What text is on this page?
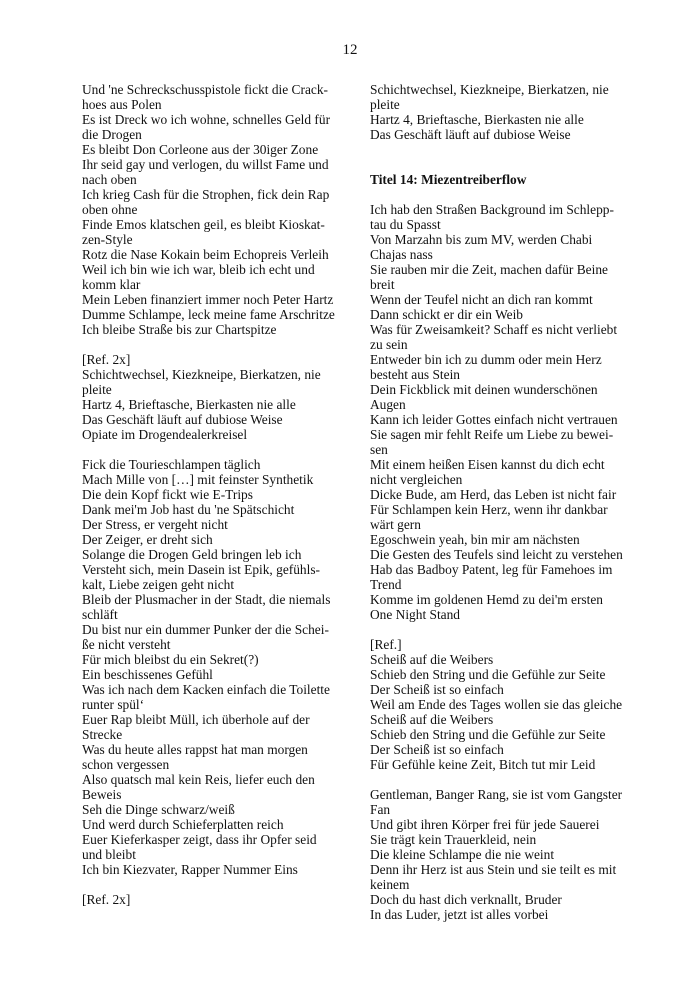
12
Und 'ne Schreckschusspistole fickt die Crack-
hoes aus Polen
Es ist Dreck wo ich wohne, schnelles Geld für
die Drogen
Es bleibt Don Corleone aus der 30iger Zone
Ihr seid gay und verlogen, du willst Fame und
nach oben
Ich krieg Cash für die Strophen, fick dein Rap
oben ohne
Finde Emos klatschen geil, es bleibt Kioskat-
zen-Style
Rotz die Nase Kokain beim Echopreis Verleih
Weil ich bin wie ich war, bleib ich echt und
komm klar
Mein Leben finanziert immer noch Peter Hartz
Dumme Schlampe, leck meine fame Arschritze
Ich bleibe Straße bis zur Chartspitze
[Ref. 2x]
Schichtwechsel, Kiezkneipe, Bierkatzen, nie
pleite
Hartz 4, Brieftasche, Bierkasten nie alle
Das Geschäft läuft auf dubiose Weise
Opiate im Drogendealerkreisel
Fick die Tourieschlampen täglich
Mach Mille von […] mit feinster Synthetik
Die dein Kopf fickt wie E-Trips
Dank mei'm Job hast du 'ne Spätschicht
Der Stress, er vergeht nicht
Der Zeiger, er dreht sich
Solange die Drogen Geld bringen leb ich
Versteht sich, mein Dasein ist Epik, gefühls-
kalt, Liebe zeigen geht nicht
Bleib der Plusmacher in der Stadt, die niemals
schläft
Du bist nur ein dummer Punker der die Schei-
ße nicht versteht
Für mich bleibst du ein Sekret(?)
Ein beschissenes Gefühl
Was ich nach dem Kacken einfach die Toilette
runter spül‘
Euer Rap bleibt Müll, ich überhole auf der
Strecke
Was du heute alles rappst hat man morgen
schon vergessen
Also quatsch mal kein Reis, liefer euch den
Beweis
Seh die Dinge schwarz/weiß
Und werd durch Schieferplatten reich
Euer Kieferkasper zeigt, dass ihr Opfer seid
und bleibt
Ich bin Kiezvater, Rapper Nummer Eins
[Ref. 2x]
Schichtwechsel, Kiezkneipe, Bierkatzen, nie
pleite
Hartz 4, Brieftasche, Bierkasten nie alle
Das Geschäft läuft auf dubiose Weise
Titel 14: Miezentreiberflow
Ich hab den Straßen Background im Schlepp-
tau du Spasst
Von Marzahn bis zum MV, werden Chabi
Chajas nass
Sie rauben mir die Zeit, machen dafür Beine
breit
Wenn der Teufel nicht an dich ran kommt
Dann schickt er dir ein Weib
Was für Zweisamkeit? Schaff es nicht verliebt
zu sein
Entweder bin ich zu dumm oder mein Herz
besteht aus Stein
Dein Fickblick mit deinen wunderschönen
Augen
Kann ich leider Gottes einfach nicht vertrauen
Sie sagen mir fehlt Reife um Liebe zu bewei-
sen
Mit einem heißen Eisen kannst du dich echt
nicht vergleichen
Dicke Bude, am Herd, das Leben ist nicht fair
Für Schlampen kein Herz, wenn ihr dankbar
wärt gern
Egoschwein yeah, bin mir am nächsten
Die Gesten des Teufels sind leicht zu verstehen
Hab das Badboy Patent, leg für Famehoes im
Trend
Komme im goldenen Hemd zu dei'm ersten
One Night Stand
[Ref.]
Scheiß auf die Weibers
Schieb den String und die Gefühle zur Seite
Der Scheiß ist so einfach
Weil am Ende des Tages wollen sie das gleiche
Scheiß auf die Weibers
Schieb den String und die Gefühle zur Seite
Der Scheiß ist so einfach
Für Gefühle keine Zeit, Bitch tut mir Leid
Gentleman, Banger Rang, sie ist vom Gangster
Fan
Und gibt ihren Körper frei für jede Sauerei
Sie trägt kein Trauerkleid, nein
Die kleine Schlampe die nie weint
Denn ihr Herz ist aus Stein und sie teilt es mit
keinem
Doch du hast dich verknallt, Bruder
In das Luder, jetzt ist alles vorbei
